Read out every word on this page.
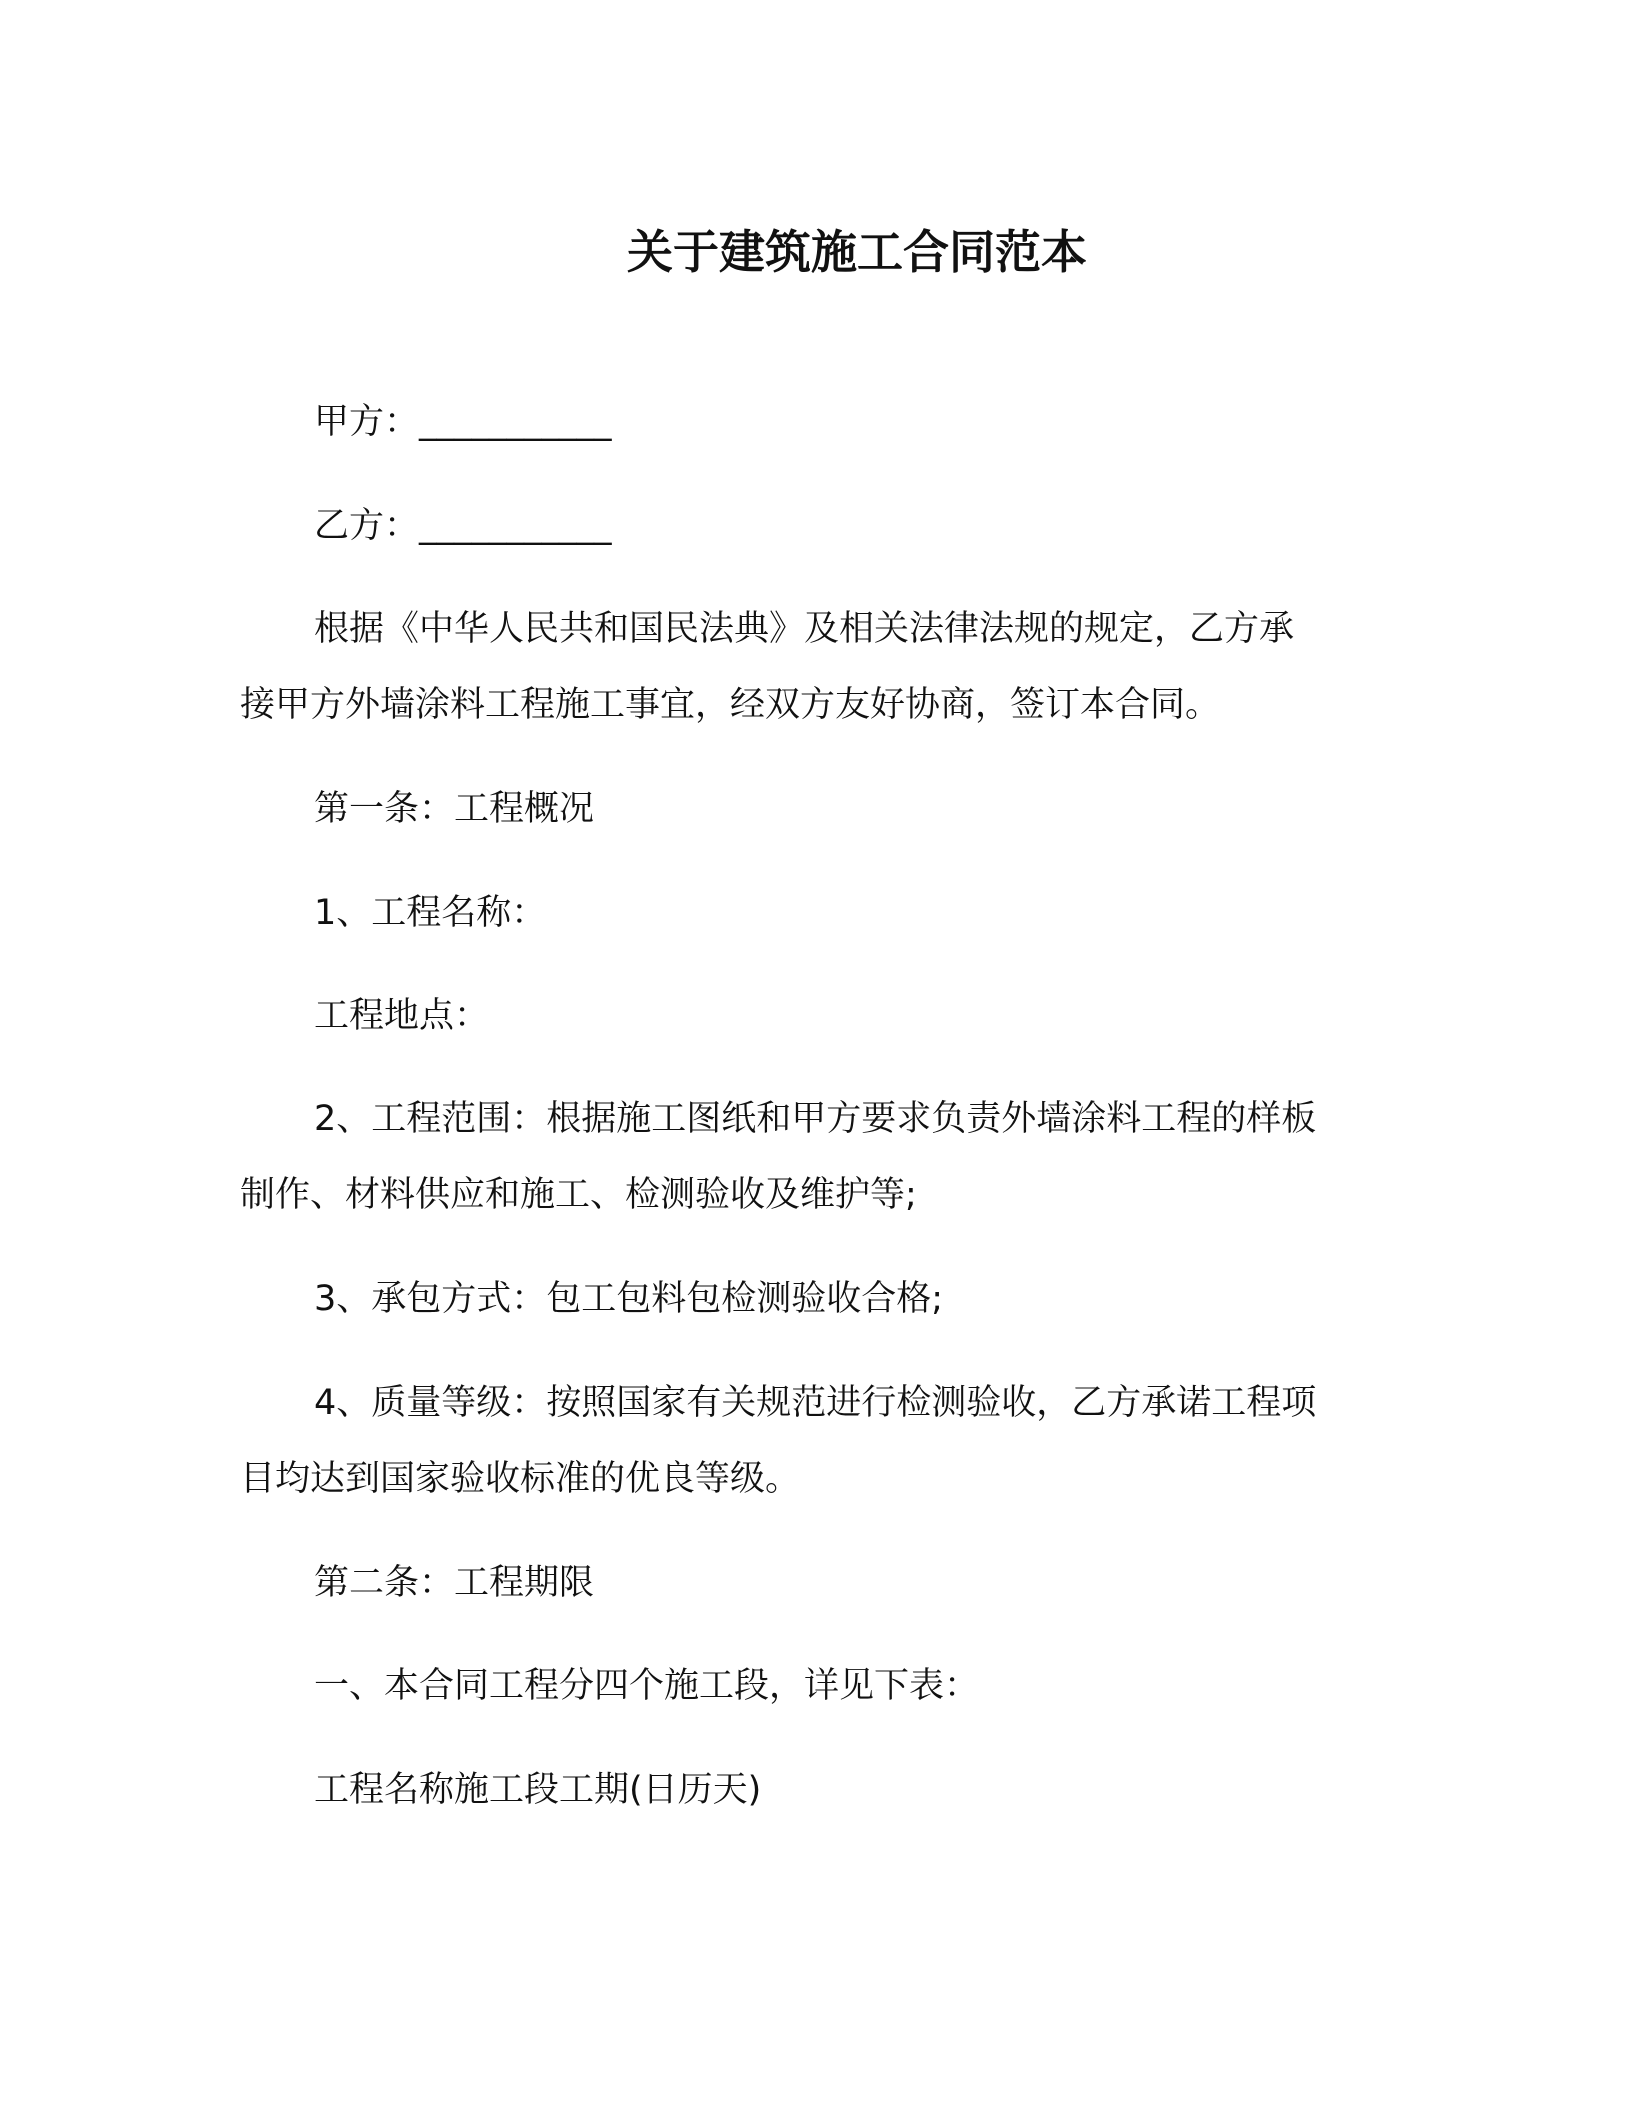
关于建筑施工合同范本
甲方：___________
乙方：___________
根据《中华人民共和国民法典》及相关法律法规的规定，乙方承
接甲方外墙涂料工程施工事宜，经双方友好协商，签订本合同。
第一条：工程概况
1、工程名称：
工程地点：
2、工程范围：根据施工图纸和甲方要求负责外墙涂料工程的样板
制作、材料供应和施工、检测验收及维护等;
3、承包方式：包工包料包检测验收合格;
4、质量等级：按照国家有关规范进行检测验收，乙方承诺工程项
目均达到国家验收标准的优良等级。
第二条：工程期限
一、本合同工程分四个施工段，详见下表：
工程名称施工段工期(日历天)
